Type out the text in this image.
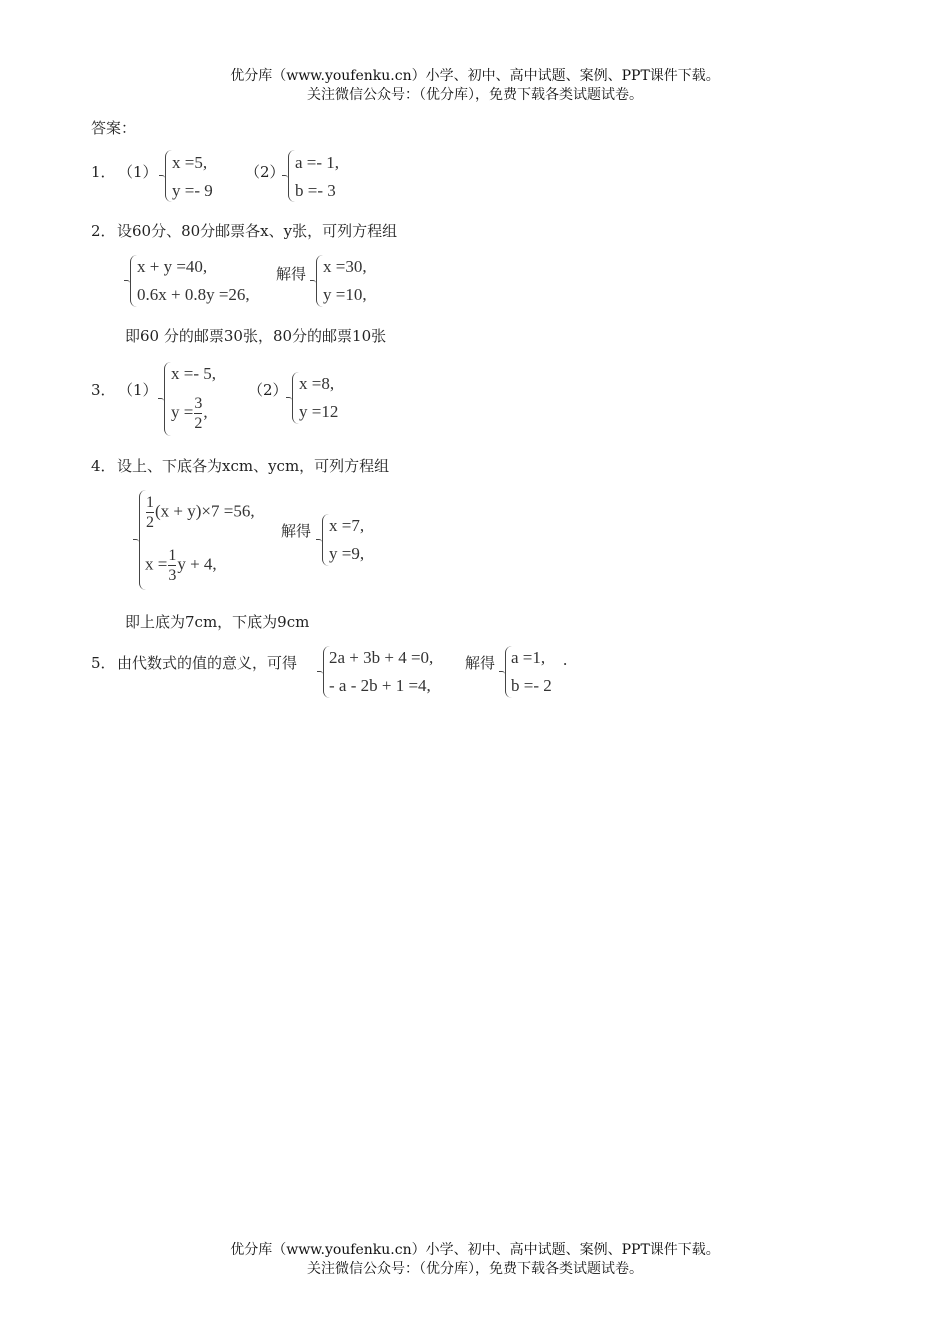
优分库（www.youfenku.cn）小学、初中、高中试题、案例、PPT课件下载。
关注微信公众号：（优分库），免费下载各类试题试卷。
答案：
1． （1） x =5,
y =- 9
（2） a =- 1,
b =- 3
2． 设60分、80分邮票各x、y张，可列方程组
x + y =40,
0.6x + 0.8y =26,
解得 x =30,
y =10,
即60 分的邮票30张，80分的邮票10张
3． （1）
x =- 5,
$y = \frac{3}{2}$ ,
（2） x =8,
y =12
4． 设上、下底各为xcm、ycm，可列方程组
$\frac{1}{2} (x + y)\times 7 =56$,
$x = \frac{1}{3}$ y + 4,
解得 x =7,
y =9,
即上底为7cm，下底为9cm
5． 由代数式的值的意义，可得 2a + 3b + 4 =0,
- a - 2b + 1 =4,
解得 a =1,
b =- 2
.
优分库（www.youfenku.cn）小学、初中、高中试题、案例、PPT课件下载。
关注微信公众号：（优分库），免费下载各类试题试卷。
